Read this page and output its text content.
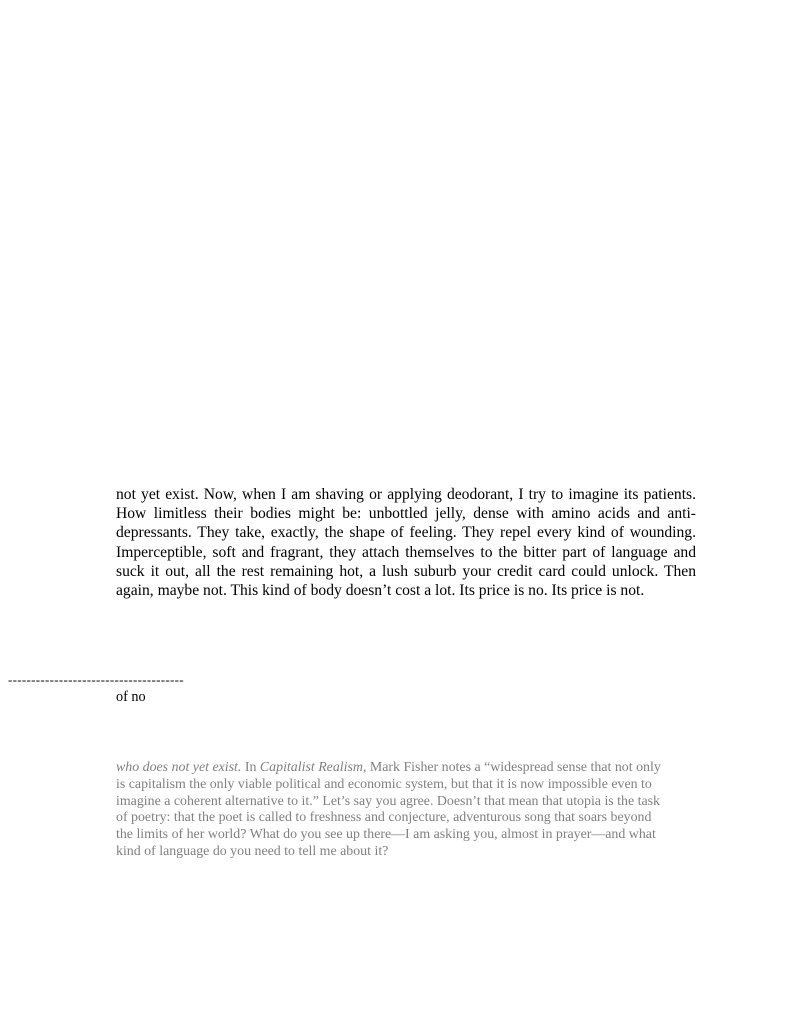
not yet exist. Now, when I am shaving or applying deodorant, I try to imagine its patients.
How limitless their bodies might be: unbottled jelly, dense with amino acids and anti-
depressants. They take, exactly, the shape of feeling. They repel every kind of wounding.
Imperceptible, soft and fragrant, they attach themselves to the bitter part of language and
suck it out, all the rest remaining hot, a lush suburb your credit card could unlock. Then
again, maybe not. This kind of body doesn’t cost a lot. Its price is no. Its price is not.

--------------------------------------

of no

who does not yet exist. In Capitalist Realism, Mark Fisher notes a “widespread sense that not only
is capitalism the only viable political and economic system, but that it is now impossible even to
imagine a coherent alternative to it.” Let’s say you agree. Doesn’t that mean that utopia is the task
of poetry: that the poet is called to freshness and conjecture, adventurous song that soars beyond
the limits of her world? What do you see up there—I am asking you, almost in prayer—and what
kind of language do you need to tell me about it?
